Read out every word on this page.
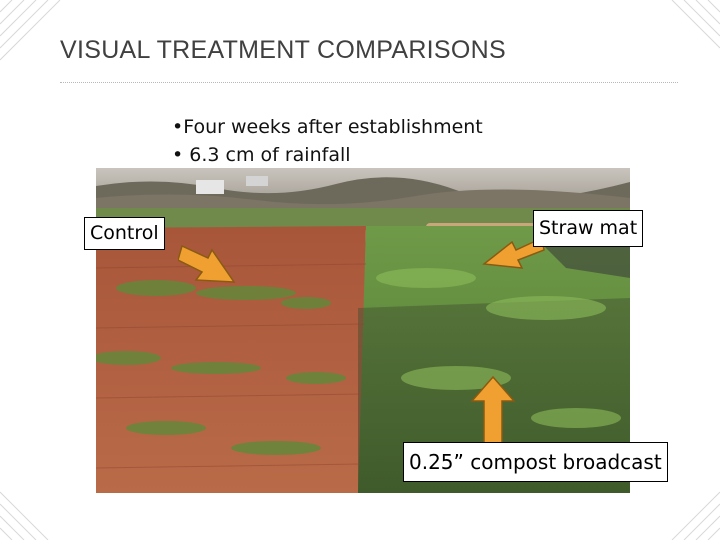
VISUAL TREATMENT COMPARISONS
•Four weeks after establishment
• 6.3 cm of rainfall
Control	Straw mat
0.25” compost broadcast
